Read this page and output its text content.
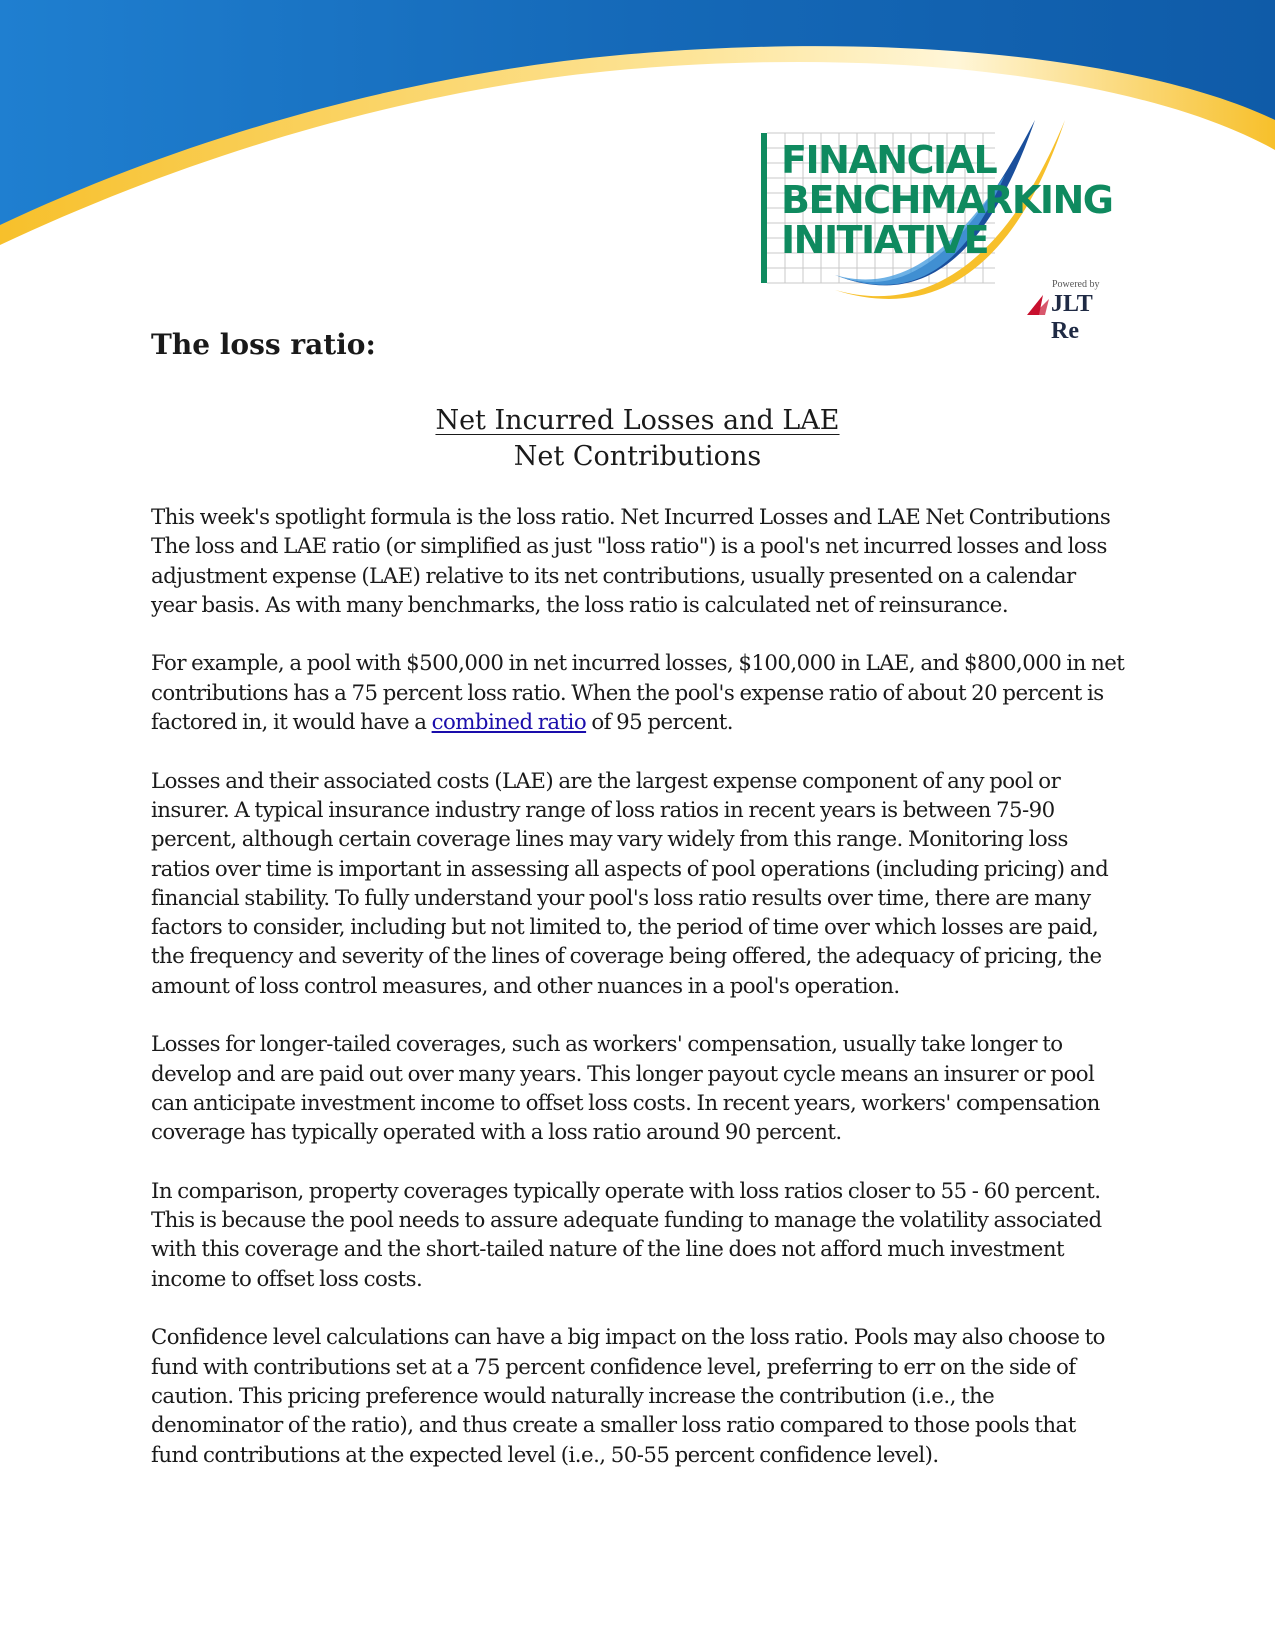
FINANCIAL
BENCHMARKING
INITIATIVE
Powered by
JLT Re
The loss ratio:
Net Incurred Losses and LAE
Net Contributions

This week's spotlight formula is the loss ratio. Net Incurred Losses and LAE Net Contributions The loss and LAE ratio (or simplified as just "loss ratio") is a pool's net incurred losses and loss adjustment expense (LAE) relative to its net contributions, usually presented on a calendar year basis. As with many benchmarks, the loss ratio is calculated net of reinsurance.

For example, a pool with $500,000 in net incurred losses, $100,000 in LAE, and $800,000 in net contributions has a 75 percent loss ratio. When the pool's expense ratio of about 20 percent is factored in, it would have a combined ratio of 95 percent.

Losses and their associated costs (LAE) are the largest expense component of any pool or insurer. A typical insurance industry range of loss ratios in recent years is between 75-90 percent, although certain coverage lines may vary widely from this range. Monitoring loss ratios over time is important in assessing all aspects of pool operations (including pricing) and financial stability. To fully understand your pool's loss ratio results over time, there are many factors to consider, including but not limited to, the period of time over which losses are paid, the frequency and severity of the lines of coverage being offered, the adequacy of pricing, the amount of loss control measures, and other nuances in a pool's operation.

Losses for longer-tailed coverages, such as workers' compensation, usually take longer to develop and are paid out over many years. This longer payout cycle means an insurer or pool can anticipate investment income to offset loss costs. In recent years, workers' compensation coverage has typically operated with a loss ratio around 90 percent.

In comparison, property coverages typically operate with loss ratios closer to 55 - 60 percent. This is because the pool needs to assure adequate funding to manage the volatility associated with this coverage and the short-tailed nature of the line does not afford much investment income to offset loss costs.

Confidence level calculations can have a big impact on the loss ratio. Pools may also choose to fund with contributions set at a 75 percent confidence level, preferring to err on the side of caution. This pricing preference would naturally increase the contribution (i.e., the denominator of the ratio), and thus create a smaller loss ratio compared to those pools that fund contributions at the expected level (i.e., 50-55 percent confidence level).
